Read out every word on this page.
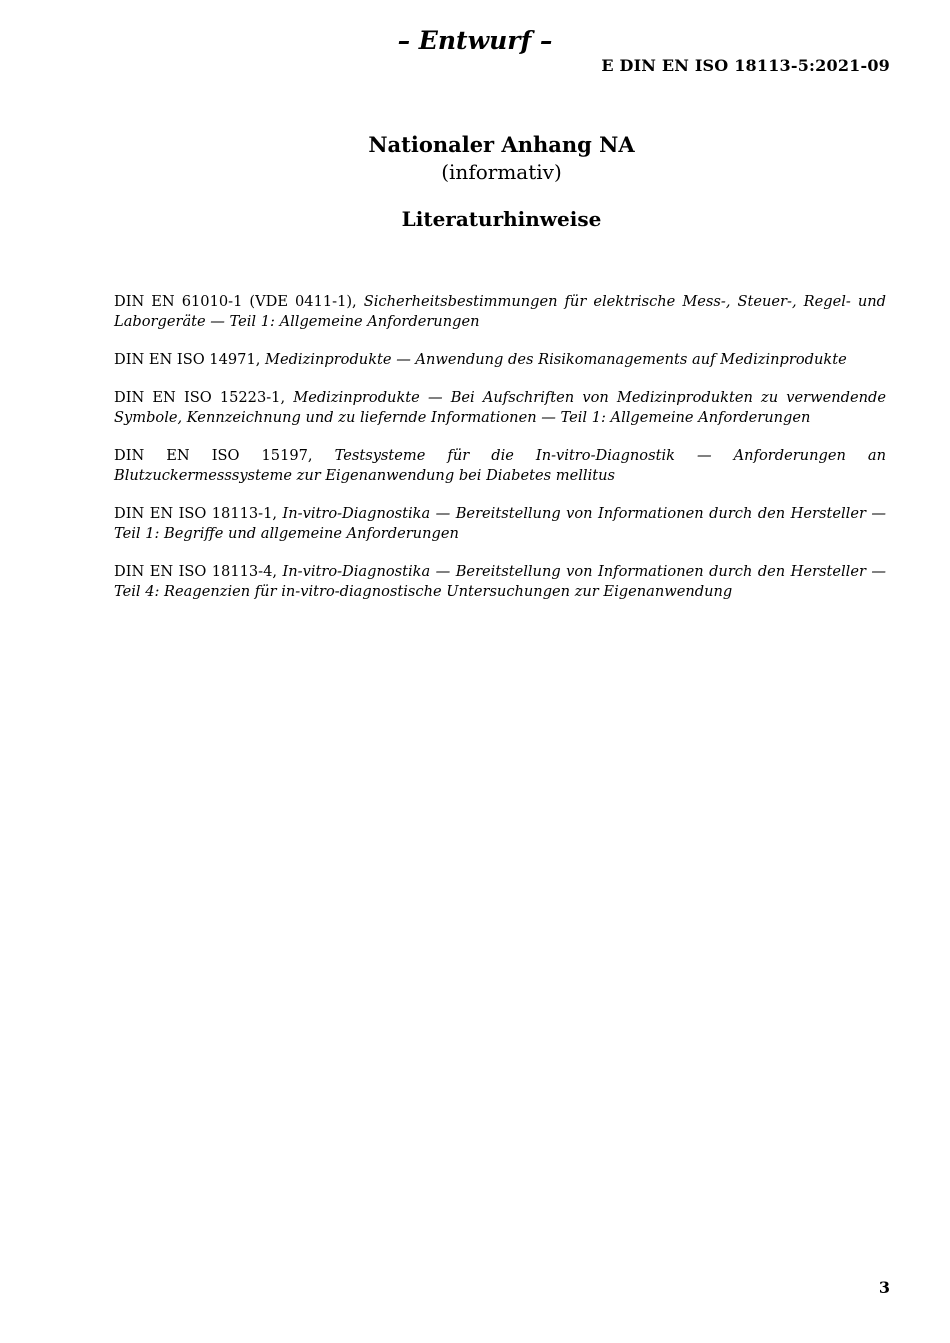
– Entwurf –
E DIN EN ISO 18113-5:2021-09
Nationaler Anhang NA
(informativ)
Literaturhinweise
DIN EN 61010-1 (VDE 0411-1), Sicherheitsbestimmungen für elektrische Mess-, Steuer-, Regel- und Laborgeräte — Teil 1: Allgemeine Anforderungen
DIN EN ISO 14971, Medizinprodukte — Anwendung des Risikomanagements auf Medizinprodukte
DIN EN ISO 15223-1, Medizinprodukte — Bei Aufschriften von Medizinprodukten zu verwendende Symbole, Kennzeichnung und zu liefernde Informationen — Teil 1: Allgemeine Anforderungen
DIN EN ISO 15197, Testsysteme für die In-vitro-Diagnostik — Anforderungen an Blutzuckermesssysteme zur Eigenanwendung bei Diabetes mellitus
DIN EN ISO 18113-1, In-vitro-Diagnostika — Bereitstellung von Informationen durch den Hersteller — Teil 1: Begriffe und allgemeine Anforderungen
DIN EN ISO 18113-4, In-vitro-Diagnostika — Bereitstellung von Informationen durch den Hersteller — Teil 4: Reagenzien für in-vitro-diagnostische Untersuchungen zur Eigenanwendung
3
